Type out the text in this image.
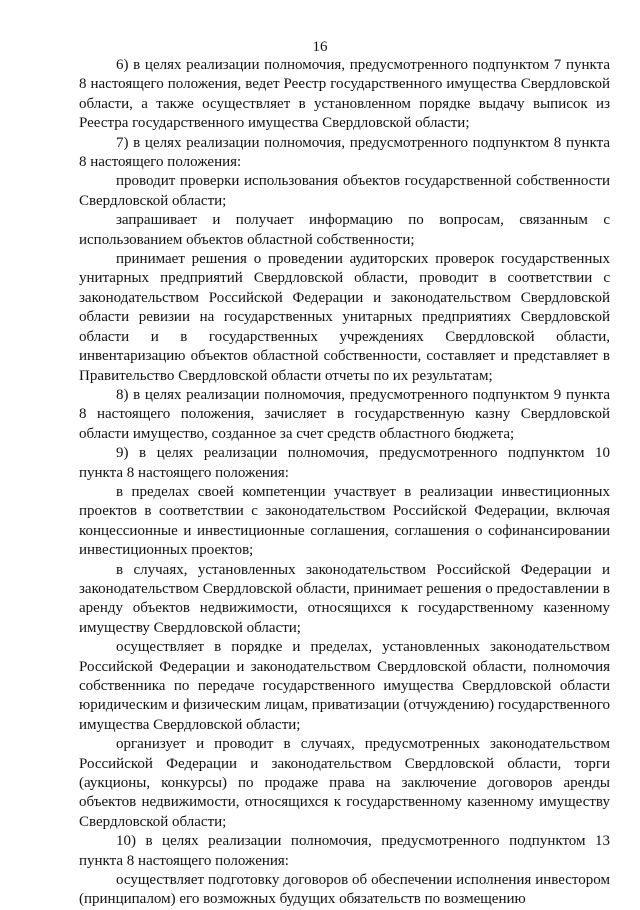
16

6) в целях реализации полномочия, предусмотренного подпунктом 7 пункта 8 настоящего положения, ведет Реестр государственного имущества Свердловской области, а также осуществляет в установленном порядке выдачу выписок из Реестра государственного имущества Свердловской области;

7) в целях реализации полномочия, предусмотренного подпунктом 8 пункта 8 настоящего положения:

проводит проверки использования объектов государственной собственности Свердловской области;

запрашивает и получает информацию по вопросам, связанным с использованием объектов областной собственности;

принимает решения о проведении аудиторских проверок государственных унитарных предприятий Свердловской области, проводит в соответствии с законодательством Российской Федерации и законодательством Свердловской области ревизии на государственных унитарных предприятиях Свердловской области и в государственных учреждениях Свердловской области, инвентаризацию объектов областной собственности, составляет и представляет в Правительство Свердловской области отчеты по их результатам;

8) в целях реализации полномочия, предусмотренного подпунктом 9 пункта 8 настоящего положения, зачисляет в государственную казну Свердловской области имущество, созданное за счет средств областного бюджета;

9) в целях реализации полномочия, предусмотренного подпунктом 10 пункта 8 настоящего положения:

в пределах своей компетенции участвует в реализации инвестиционных проектов в соответствии с законодательством Российской Федерации, включая концессионные и инвестиционные соглашения, соглашения о софинансировании инвестиционных проектов;

в случаях, установленных законодательством Российской Федерации и законодательством Свердловской области, принимает решения о предоставлении в аренду объектов недвижимости, относящихся к государственному казенному имуществу Свердловской области;

осуществляет в порядке и пределах, установленных законодательством Российской Федерации и законодательством Свердловской области, полномочия собственника по передаче государственного имущества Свердловской области юридическим и физическим лицам, приватизации (отчуждению) государственного имущества Свердловской области;

организует и проводит в случаях, предусмотренных законодательством Российской Федерации и законодательством Свердловской области, торги (аукционы, конкурсы) по продаже права на заключение договоров аренды объектов недвижимости, относящихся к государственному казенному имуществу Свердловской области;

10) в целях реализации полномочия, предусмотренного подпунктом 13 пункта 8 настоящего положения:

осуществляет подготовку договоров об обеспечении исполнения инвестором (принципалом) его возможных будущих обязательств по возмещению
